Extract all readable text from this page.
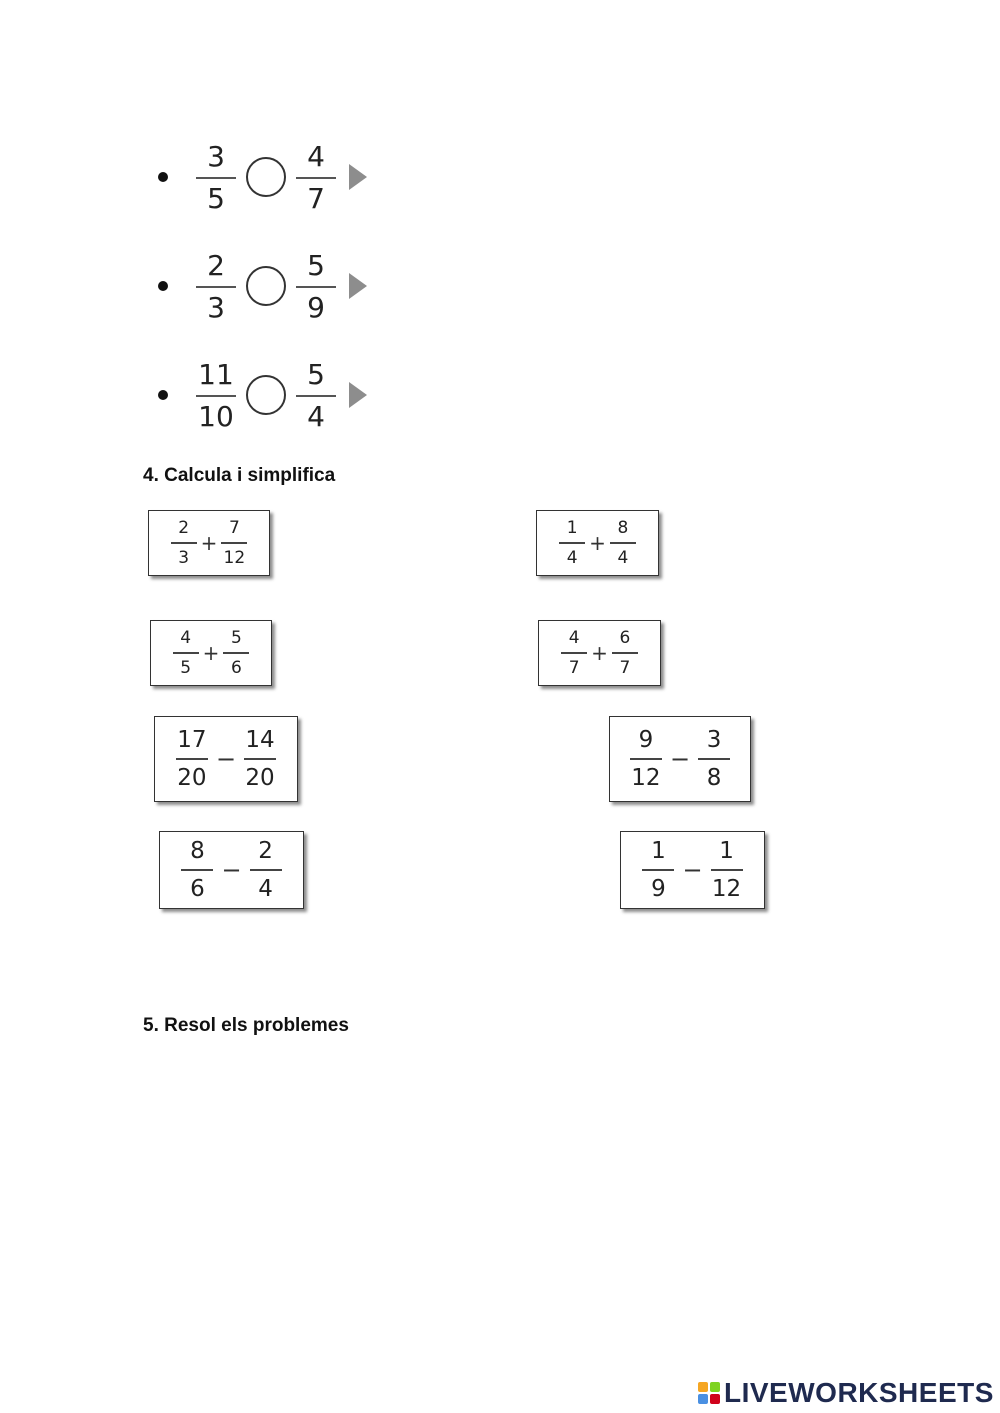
3
5
4
7
2
3
5
9
11
10
5
4
4. Calcula i simplifica
$\frac{2}{3} + \frac{7}{12}$	$\frac{1}{4} + \frac{8}{4}$
$\frac{4}{5} + \frac{5}{6}$	$\frac{4}{7} + \frac{6}{7}$
$\frac{17}{20} - \frac{14}{20}$	$\frac{9}{12} - \frac{3}{8}$
$\frac{8}{6} - \frac{2}{4}$	$\frac{1}{9} - \frac{1}{12}$
5. Resol els problemes
LIVEWORKSHEETS
